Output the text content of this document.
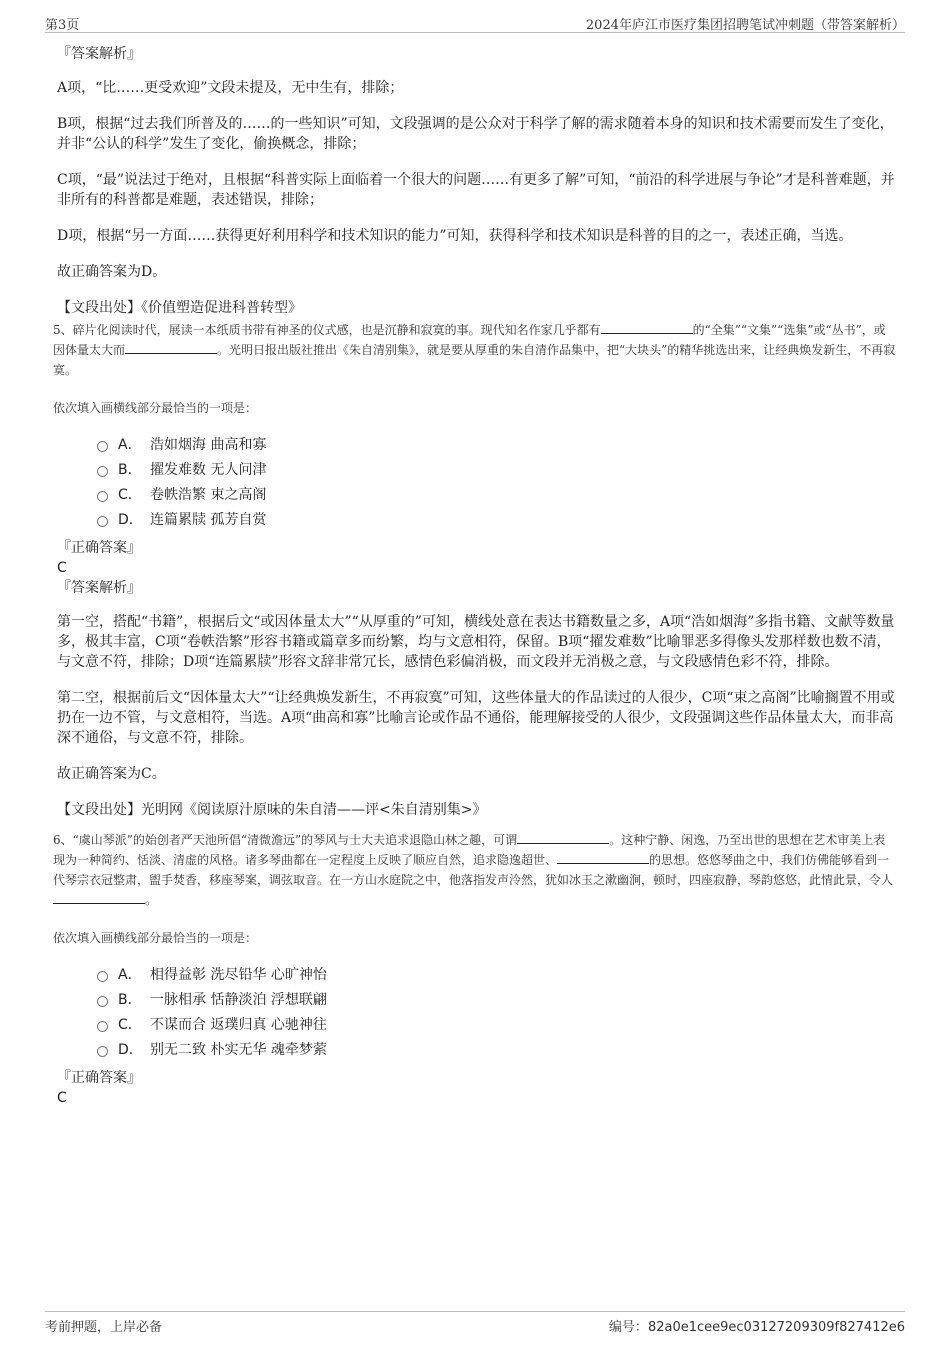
第3页	2024年庐江市医疗集团招聘笔试冲刺题（带答案解析）

『答案解析』

A项，“比……更受欢迎”文段未提及，无中生有，排除；

B项，根据“过去我们所普及的……的一些知识”可知，文段强调的是公众对于科学了解的需求随着本身的知识和技术需要而发生了变化，并非“公认的科学”发生了变化，偷换概念，排除；

C项，“最”说法过于绝对，且根据“科普实际上面临着一个很大的问题……有更多了解”可知，“前沿的科学进展与争论”才是科普难题，并非所有的科普都是难题，表述错误，排除；

D项，根据“另一方面……获得更好利用科学和技术知识的能力”可知，获得科学和技术知识是科普的目的之一，表述正确，当选。

故正确答案为D。

【文段出处】《价值塑造促进科普转型》

5、碎片化阅读时代，展读一本纸质书带有神圣的仪式感，也是沉静和寂寞的事。现代知名作家几乎都有	的“全集”“文集”“选集”或“丛书”，或因体量太大而	。光明日报出版社推出《朱自清别集》，就是要从厚重的朱自清作品集中，把“大块头”的精华挑选出来，让经典焕发新生，不再寂寞。

依次填入画横线部分最恰当的一项是：

A． 浩如烟海 曲高和寡
B． 擢发难数 无人问津
C． 卷帙浩繁 束之高阁
D． 连篇累牍 孤芳自赏

『正确答案』

C

『答案解析』

第一空，搭配“书籍”，根据后文“或因体量太大”“从厚重的”可知，横线处意在表达书籍数量之多，A项“浩如烟海”多指书籍、文献等数量多，极其丰富，C项“卷帙浩繁”形容书籍或篇章多而纷繁，均与文意相符，保留。B项“擢发难数”比喻罪恶多得像头发那样数也数不清，与文意不符，排除；D项“连篇累牍”形容文辞非常冗长，感情色彩偏消极，而文段并无消极之意，与文段感情色彩不符，排除。

第二空，根据前后文“因体量太大”“让经典焕发新生，不再寂寞”可知，这些体量大的作品读过的人很少，C项“束之高阁”比喻搁置不用或扔在一边不管，与文意相符，当选。A项“曲高和寡”比喻言论或作品不通俗，能理解接受的人很少，文段强调这些作品体量太大，而非高深不通俗，与文意不符，排除。

故正确答案为C。

【文段出处】光明网《阅读原汁原味的朱自清——评<朱自清别集>》

6、“虞山琴派”的始创者严天池所倡“清微澹远”的琴风与士大夫追求退隐山林之趣，可谓	。这种宁静、闲逸，乃至出世的思想在艺术审美上表现为一种简约、恬淡、清虚的风格。诸多琴曲都在一定程度上反映了顺应自然，追求隐逸超世、	的思想。悠悠琴曲之中，我们仿佛能够看到一代琴宗衣冠整肃，盥手焚香，移座琴案，调弦取音。在一方山水庭院之中，他落指发声泠然，犹如冰玉之漱幽涧，顿时，四座寂静，琴韵悠悠，此情此景，令人。

依次填入画横线部分最恰当的一项是：

A． 相得益彰 洗尽铅华 心旷神怡
B． 一脉相承 恬静淡泊 浮想联翩
C． 不谋而合 返璞归真 心驰神往
D． 别无二致 朴实无华 魂牵梦萦

『正确答案』

C

考前押题，上岸必备	编号：82a0e1cee9ec03127209309f827412e6
